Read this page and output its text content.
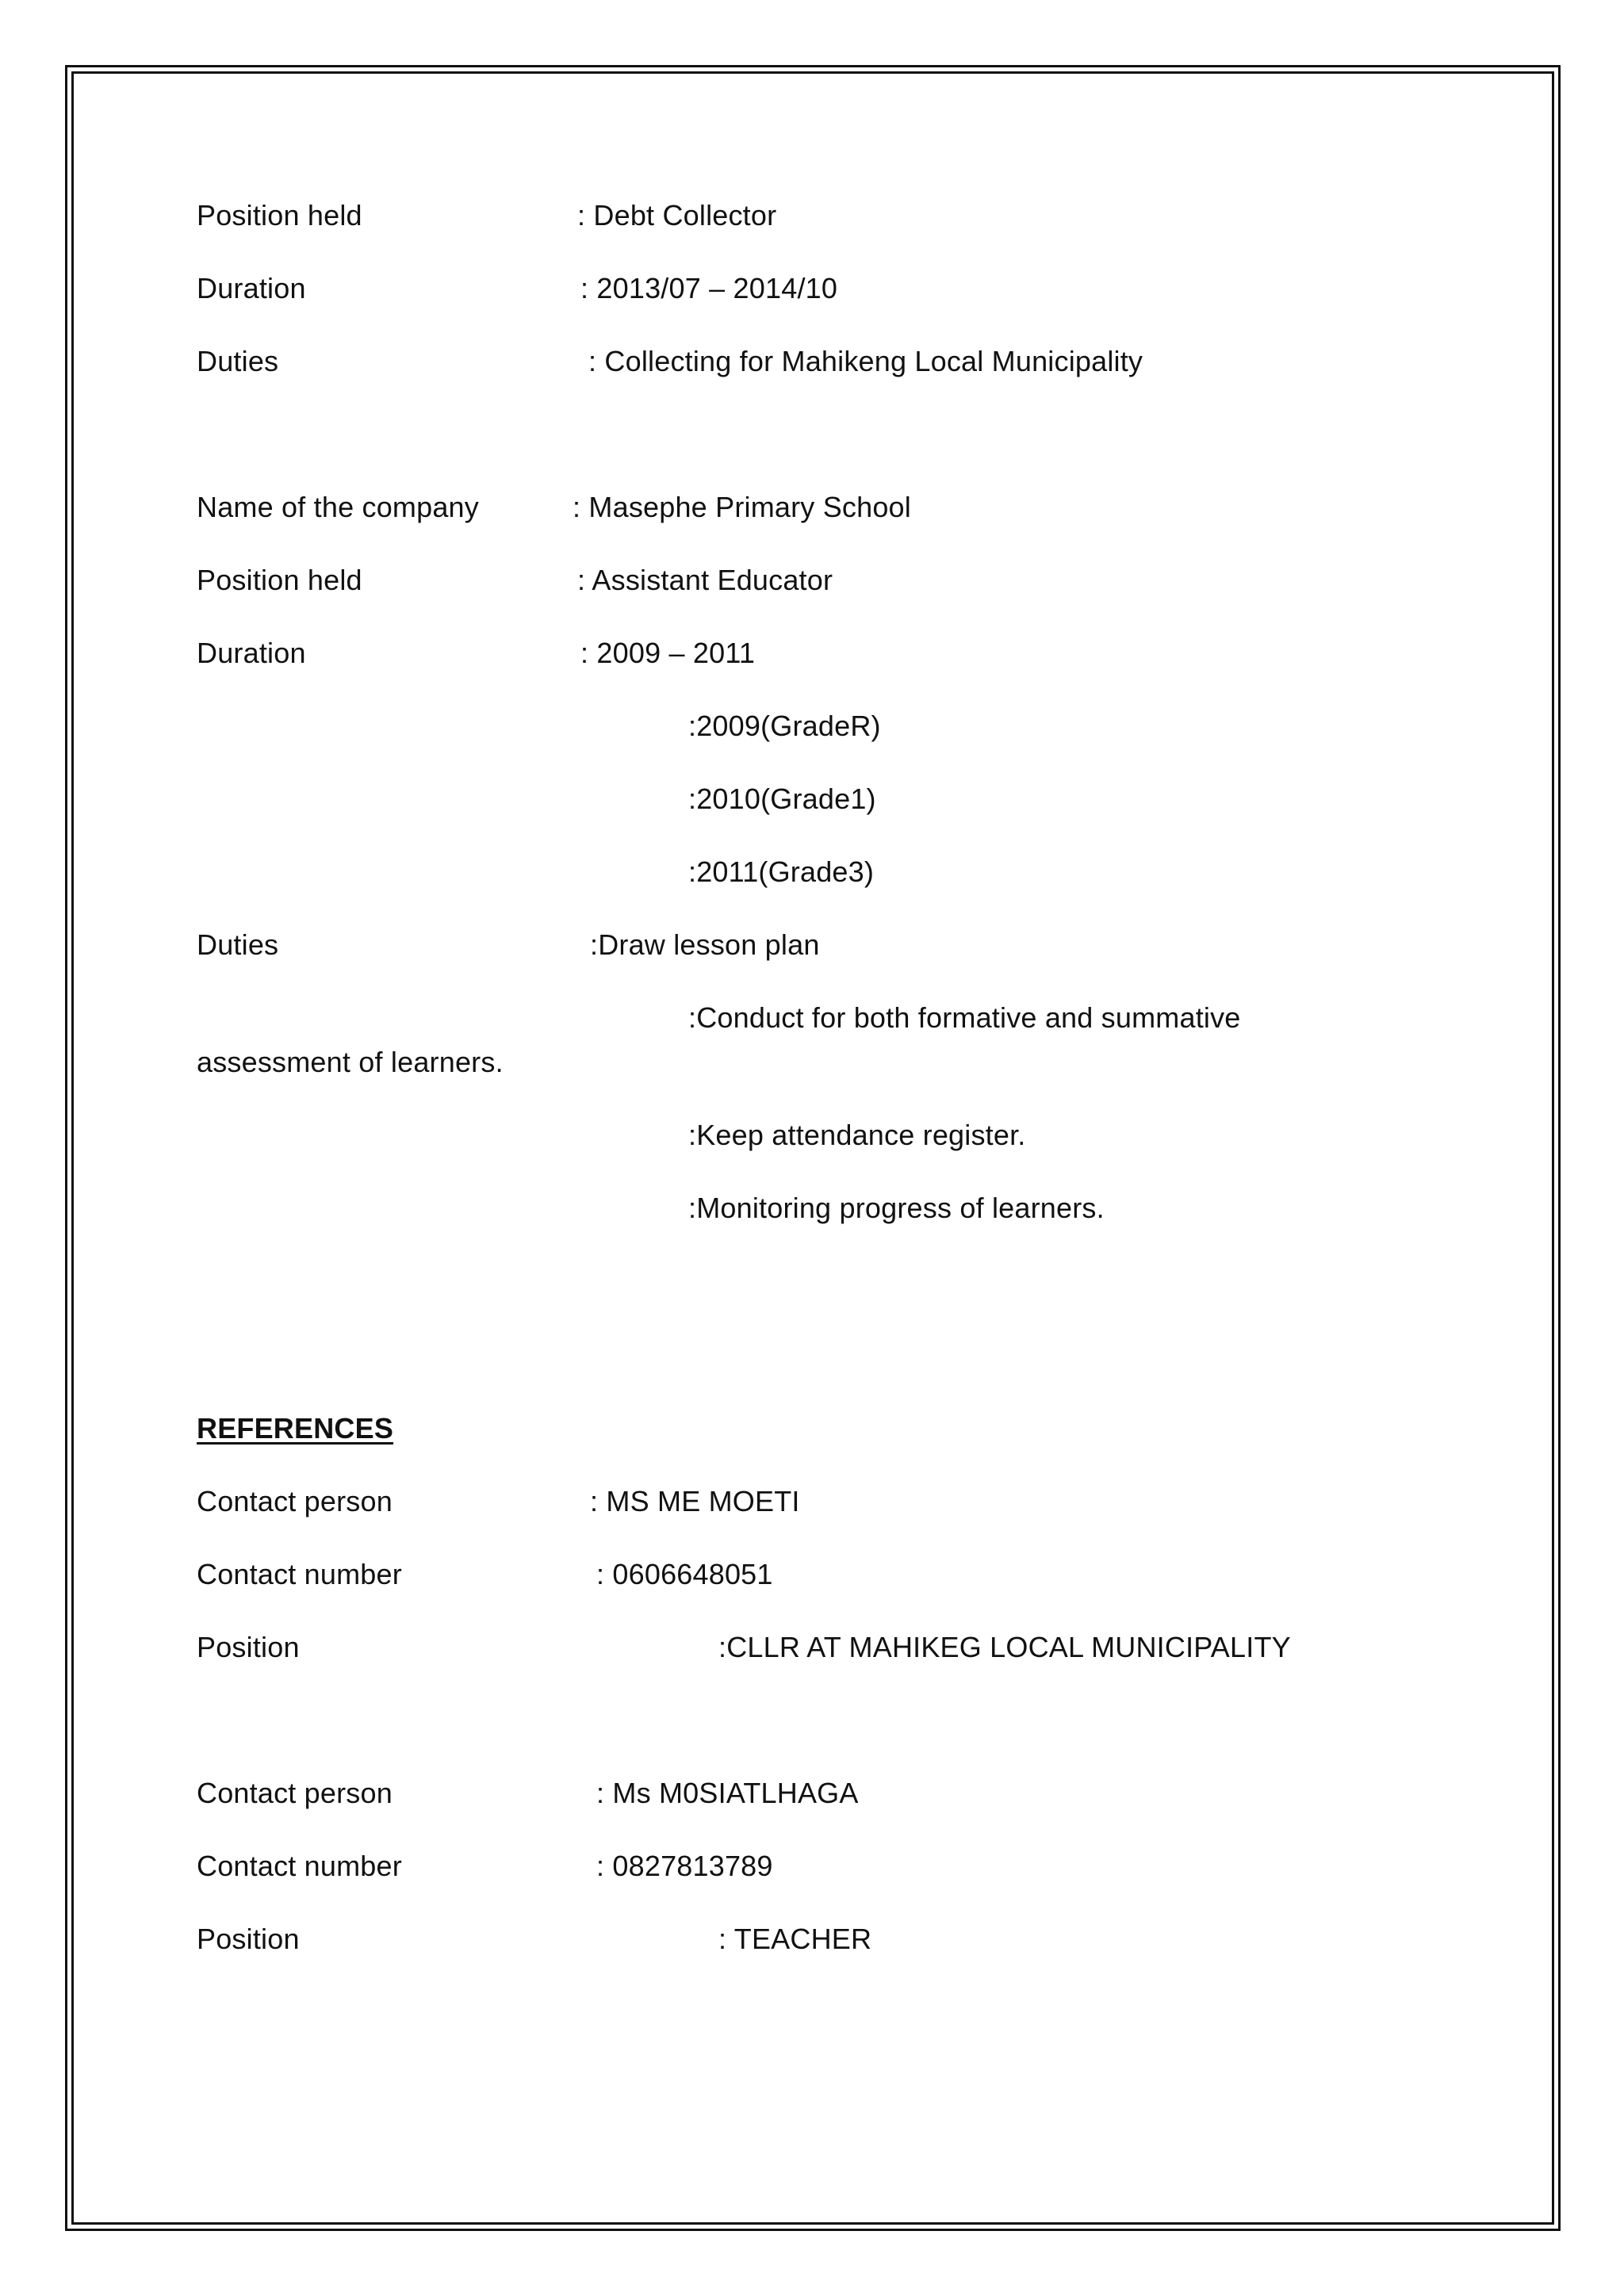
Position held	: Debt Collector
Duration	: 2013/07 – 2014/10
Duties	: Collecting for Mahikeng Local Municipality
Name of the company	: Masephe Primary School
Position held	: Assistant Educator
Duration	: 2009 – 2011
:2009(GradeR)
:2010(Grade1)
:2011(Grade3)
Duties	:Draw lesson plan
:Conduct for both formative and summative
assessment of learners.
:Keep attendance register.
:Monitoring progress of learners.
REFERENCES
Contact person	: MS ME MOETI
Contact number	: 0606648051
Position	:CLLR AT MAHIKEG LOCAL MUNICIPALITY
Contact person	: Ms M0SIATLHAGA
Contact number	: 0827813789
Position	: TEACHER
